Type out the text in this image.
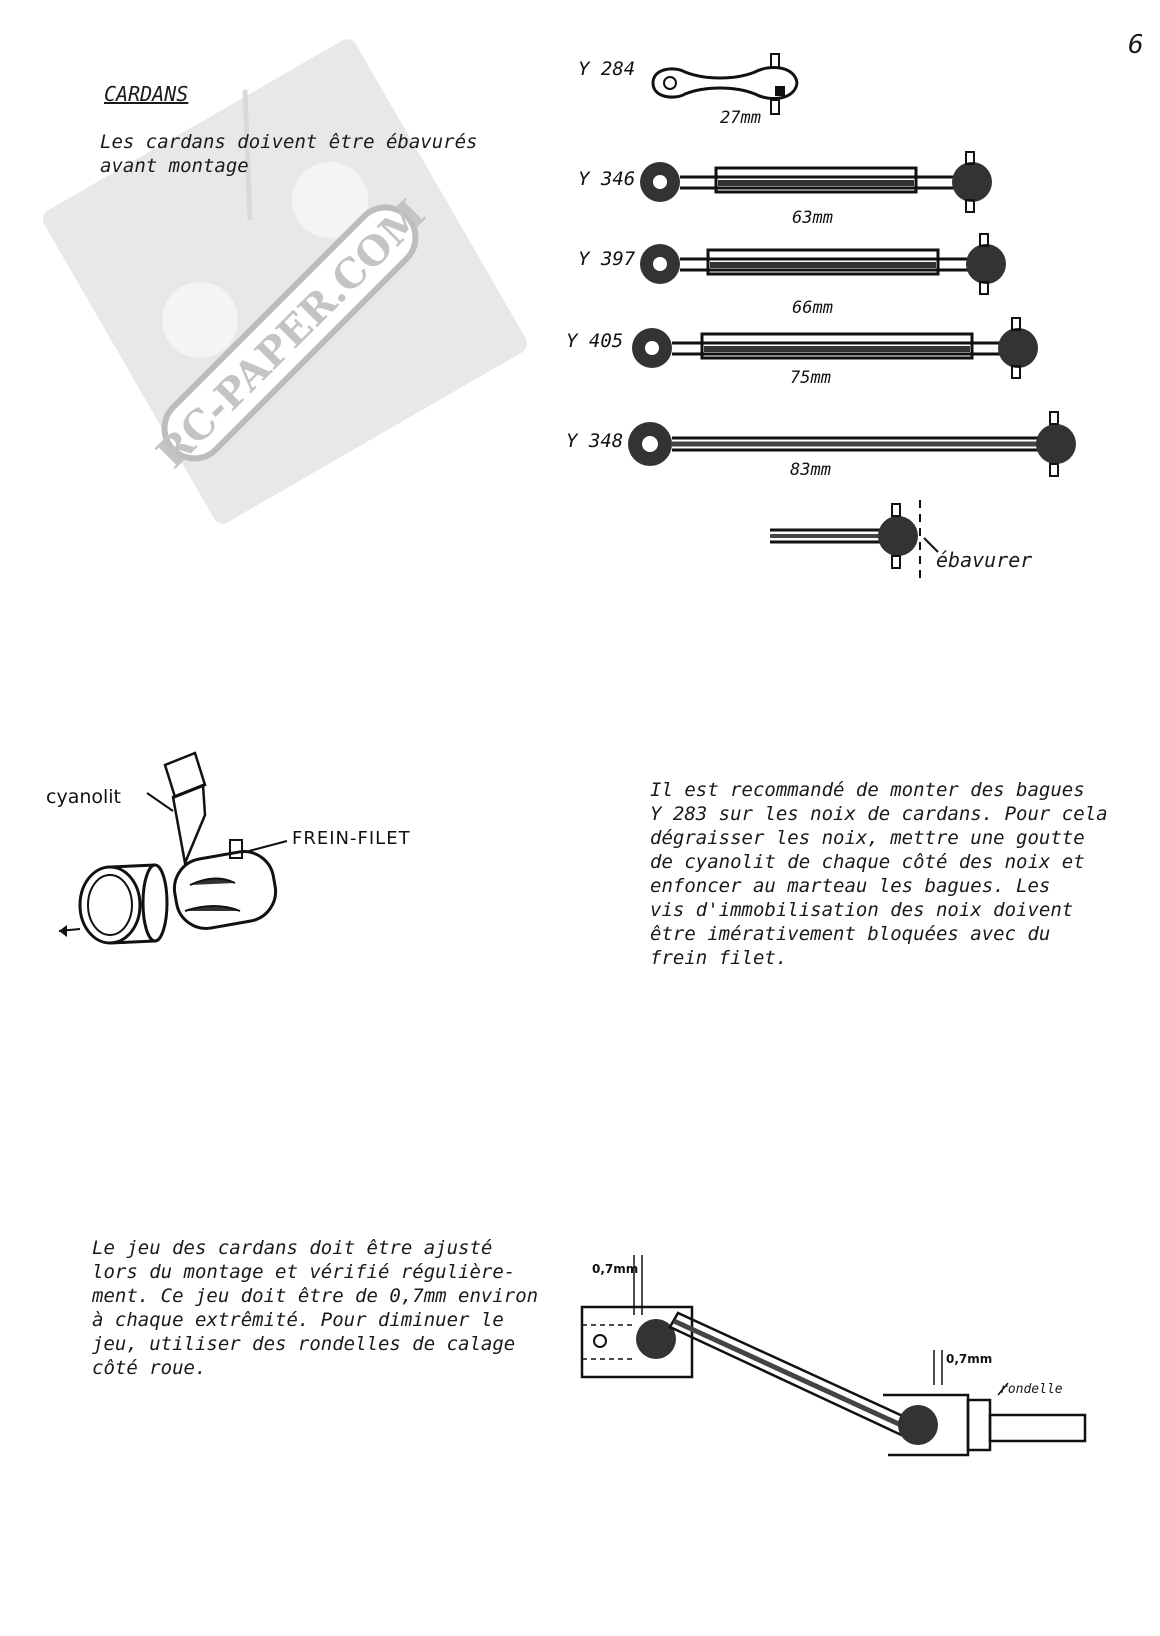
6
RC-PAPER.COM
CARDANS
Les cardans doivent être ébavurés
avant montage
Y 284
27mm
Y 346
63mm
Y 397
66mm
Y 405
75mm
Y 348
83mm
ébavurer
cyanolit
FREIN-FILET
Il est recommandé de monter des bagues
Y 283 sur les noix de cardans. Pour cela
dégraisser les noix, mettre une goutte
de cyanolit de chaque côté des noix et
enfoncer au marteau les bagues. Les
vis d'immobilisation des noix doivent
être imérativement bloquées avec du
frein filet.
Le jeu des cardans doit être ajusté
lors du montage et vérifié régulière-
ment. Ce jeu doit être de 0,7mm environ
à chaque extrêmité. Pour diminuer le
jeu, utiliser des rondelles de calage
côté roue.
0,7mm
0,7mm
rondelle
